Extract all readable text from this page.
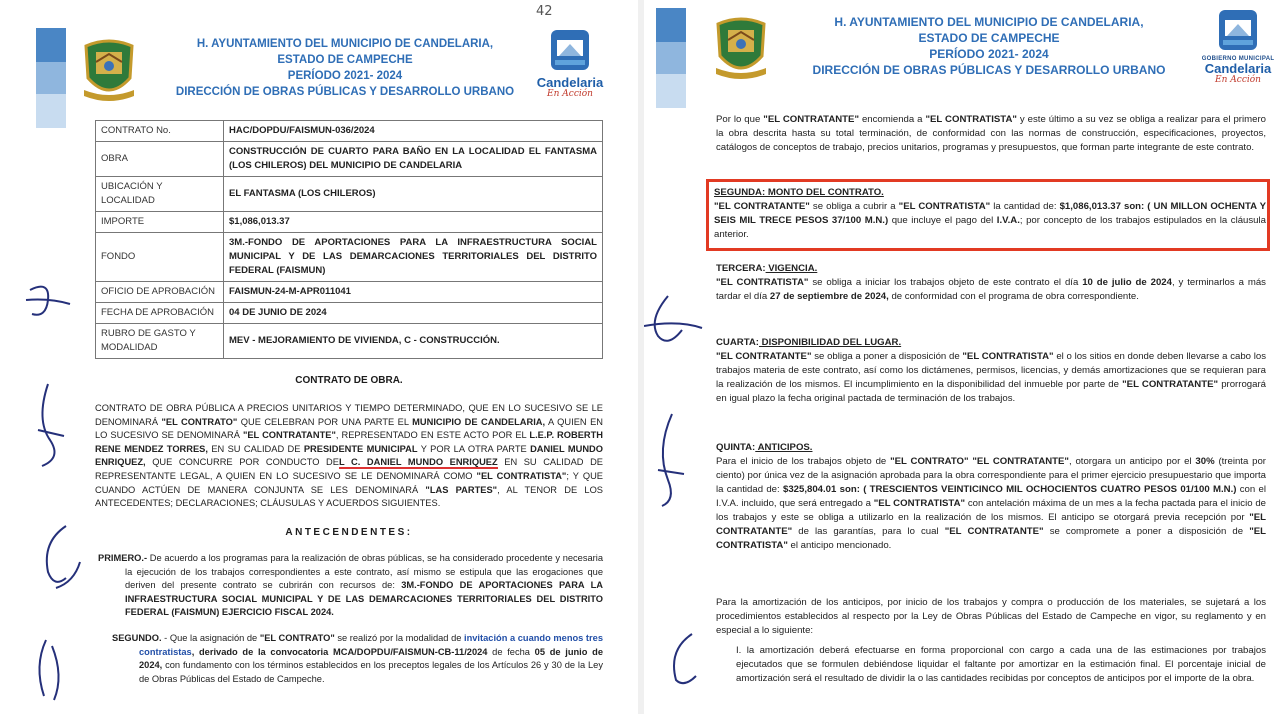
H. AYUNTAMIENTO DEL MUNICIPIO DE CANDELARIA,
ESTADO DE CAMPECHE
PERÍODO 2021- 2024
DIRECCIÓN DE OBRAS PÚBLICAS Y DESARROLLO URBANO
42
Candelaria
En Acción
CONTRATO No.	HAC/DOPDU/FAISMUN-036/2024
OBRA	CONSTRUCCIÓN DE CUARTO PARA BAÑO EN LA LOCALIDAD EL FANTASMA (LOS CHILEROS) DEL MUNICIPIO DE CANDELARIA
UBICACIÓN Y LOCALIDAD	EL FANTASMA (LOS CHILEROS)
IMPORTE	$1,086,013.37
FONDO	3M.-FONDO DE APORTACIONES PARA LA INFRAESTRUCTURA SOCIAL MUNICIPAL Y DE LAS DEMARCACIONES TERRITORIALES DEL DISTRITO FEDERAL (FAISMUN)
OFICIO DE APROBACIÓN	FAISMUN-24-M-APR011041
FECHA DE APROBACIÓN	04 DE JUNIO DE 2024
RUBRO DE GASTO Y MODALIDAD	MEV - MEJORAMIENTO DE VIVIENDA, C - CONSTRUCCIÓN.
CONTRATO DE OBRA.
CONTRATO DE OBRA PÚBLICA A PRECIOS UNITARIOS Y TIEMPO DETERMINADO, QUE EN LO SUCESIVO SE LE DENOMINARÁ "EL CONTRATO" QUE CELEBRAN POR UNA PARTE EL MUNICIPIO DE CANDELARIA, A QUIEN EN LO SUCESIVO SE DENOMINARÁ "EL CONTRATANTE", REPRESENTADO EN ESTE ACTO POR EL L.E.P. ROBERTH RENE MENDEZ TORRES, EN SU CALIDAD DE PRESIDENTE MUNICIPAL Y POR LA OTRA PARTE DANIEL MUNDO ENRIQUEZ, QUE CONCURRE POR CONDUCTO DEL C. DANIEL MUNDO ENRIQUEZ EN SU CALIDAD DE REPRESENTANTE LEGAL, A QUIEN EN LO SUCESIVO SE LE DENOMINARÁ COMO "EL CONTRATISTA"; Y QUE CUANDO ACTÚEN DE MANERA CONJUNTA SE LES DENOMINARÁ "LAS PARTES", AL TENOR DE LOS ANTECEDENTES; DECLARACIONES; CLÁUSULAS Y ACUERDOS SIGUIENTES.
ANTECENDENTES:
PRIMERO.- De acuerdo a los programas para la realización de obras públicas, se ha considerado procedente y necesaria la ejecución de los trabajos correspondientes a este contrato, así mismo se estipula que las erogaciones que deriven del presente contrato se cubrirán con recursos de: 3M.-FONDO DE APORTACIONES PARA LA INFRAESTRUCTURA SOCIAL MUNICIPAL Y DE LAS DEMARCACIONES TERRITORIALES DEL DISTRITO FEDERAL (FAISMUN) EJERCICIO FISCAL 2024.
SEGUNDO. - Que la asignación de "EL CONTRATO" se realizó por la modalidad de invitación a cuando menos tres contratistas, derivado de la convocatoria MCA/DOPDU/FAISMUN-CB-11/2024 de fecha 05 de junio de 2024, con fundamento con los términos establecidos en los preceptos legales de los Artículos 26 y 30 de la Ley de Obras Públicas del Estado de Campeche.
H. AYUNTAMIENTO DEL MUNICIPIO DE CANDELARIA,
ESTADO DE CAMPECHE
PERÍODO 2021- 2024
DIRECCIÓN DE OBRAS PÚBLICAS Y DESARROLLO URBANO
GOBIERNO MUNICIPAL
Candelaria
En Acción
Por lo que "EL CONTRATANTE" encomienda a "EL CONTRATISTA" y este último a su vez se obliga a realizar para el primero la obra descrita hasta su total terminación, de conformidad con las normas de construcción, especificaciones, proyectos, catálogos de conceptos de trabajo, precios unitarios, programas y presupuestos, que forman parte integrante de este contrato.
SEGUNDA: MONTO DEL CONTRATO.
"EL CONTRATANTE" se obliga a cubrir a "EL CONTRATISTA" la cantidad de: $1,086,013.37 son: ( UN MILLON OCHENTA Y SEIS MIL TRECE PESOS 37/100 M.N.) que incluye el pago del I.V.A.; por concepto de los trabajos estipulados en la cláusula anterior.
TERCERA: VIGENCIA.
"EL CONTRATISTA" se obliga a iniciar los trabajos objeto de este contrato el día 10 de julio de 2024, y terminarlos a más tardar el día 27 de septiembre de 2024, de conformidad con el programa de obra correspondiente.
CUARTA: DISPONIBILIDAD DEL LUGAR.
"EL CONTRATANTE" se obliga a poner a disposición de "EL CONTRATISTA" el o los sitios en donde deben llevarse a cabo los trabajos materia de este contrato, así como los dictámenes, permisos, licencias, y demás amortizaciones que se requieran para la realización de los mismos. El incumplimiento en la disponibilidad del inmueble por parte de "EL CONTRATANTE" prorrogará en igual plazo la fecha original pactada de terminación de los trabajos.
QUINTA: ANTICIPOS.
Para el inicio de los trabajos objeto de "EL CONTRATO" "EL CONTRATANTE", otorgara un anticipo por el 30% (treinta por ciento) por única vez de la asignación aprobada para la obra correspondiente para el primer ejercicio presupuestario que importa la cantidad de: $325,804.01 son: ( TRESCIENTOS VEINTICINCO MIL OCHOCIENTOS CUATRO PESOS 01/100 M.N.) con el I.V.A. incluido, que será entregado a "EL CONTRATISTA" con antelación máxima de un mes a la fecha pactada para el inicio de los trabajos y este se obliga a utilizarlo en la realización de los mismos. El anticipo se otorgará previa recepción por "EL CONTRATANTE" de las garantías, para lo cual "EL CONTRATANTE" se compromete a poner a disposición de "EL CONTRATISTA" el anticipo mencionado.
Para la amortización de los anticipos, por inicio de los trabajos y compra o producción de los materiales, se sujetará a los procedimientos establecidos al respecto por la Ley de Obras Públicas del Estado de Campeche en vigor, su reglamento y en especial a lo siguiente:
I. la amortización deberá efectuarse en forma proporcional con cargo a cada una de las estimaciones por trabajos ejecutados que se formulen debiéndose liquidar el faltante por amortizar en la estimación final. El porcentaje inicial de amortización será el resultado de dividir la o las cantidades recibidas por conceptos de anticipos por el importe de la obra.
